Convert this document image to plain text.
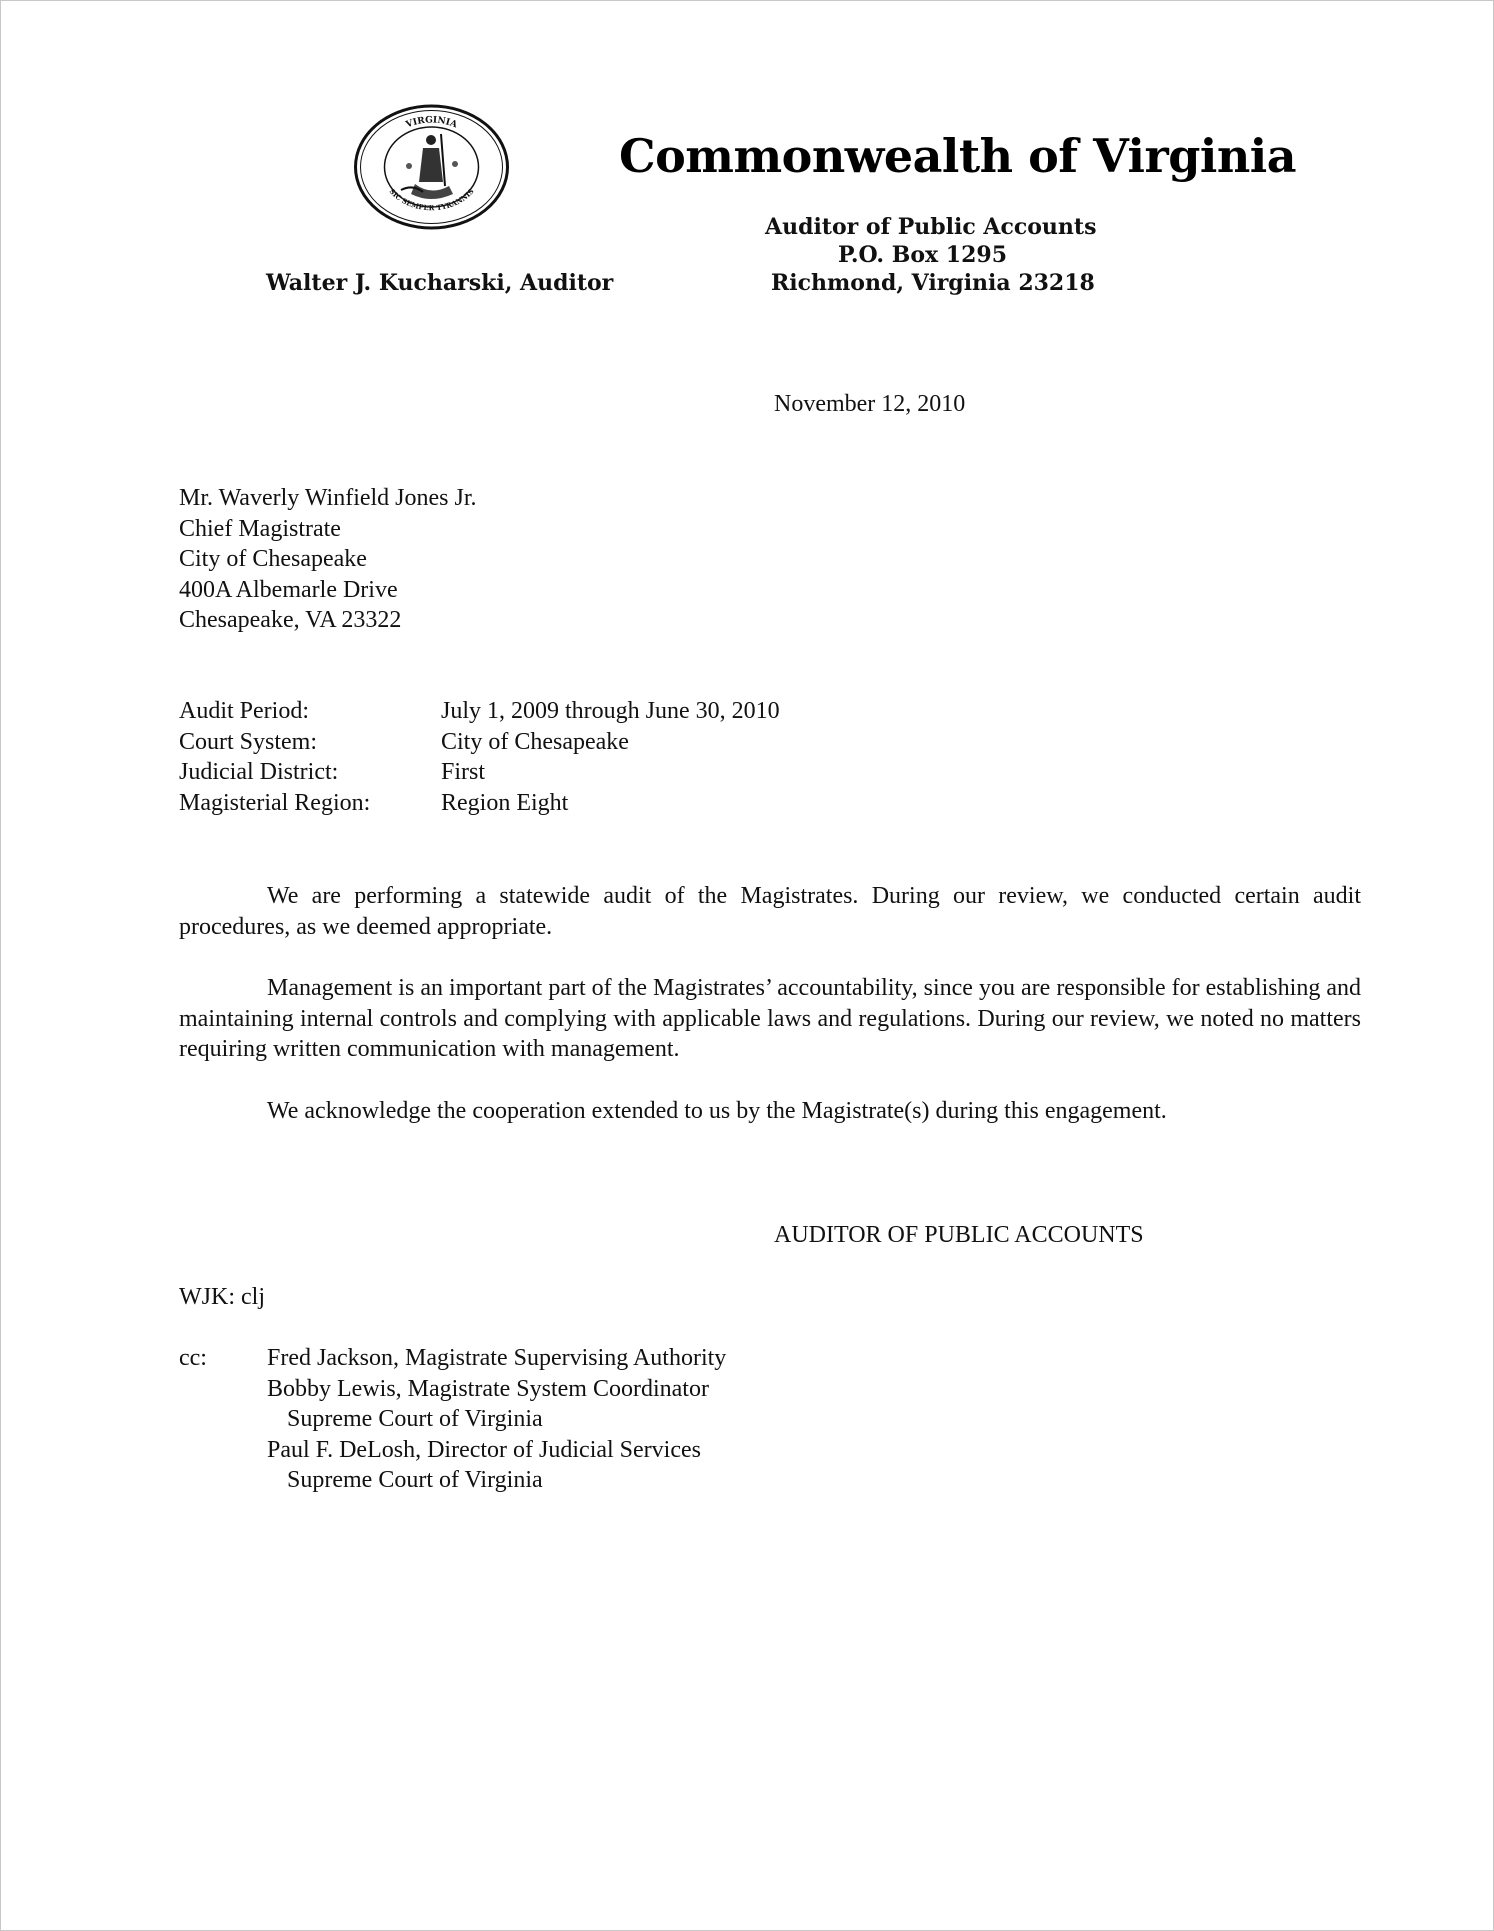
VIRGINIA
SIC SEMPER TYRANNIS

Commonwealth of Virginia

Auditor of Public Accounts

P.O. Box 1295

Richmond, Virginia 23218

Walter J. Kucharski, Auditor

November 12, 2010

Mr. Waverly Winfield Jones Jr.
Chief Magistrate
City of Chesapeake
400A Albemarle Drive
Chesapeake, VA 23322
Audit Period:	July 1, 2009 through June 30, 2010
Court System:	City of Chesapeake
Judicial District:	First
Magisterial Region:	Region Eight

We are performing a statewide audit of the Magistrates. During our review, we conducted certain audit procedures, as we deemed appropriate.

Management is an important part of the Magistrates’ accountability, since you are responsible for establishing and maintaining internal controls and complying with applicable laws and regulations. During our review, we noted no matters requiring written communication with management.

We acknowledge the cooperation extended to us by the Magistrate(s) during this engagement.

AUDITOR OF PUBLIC ACCOUNTS

WJK: clj

cc:	Fred Jackson, Magistrate Supervising Authority
Bobby Lewis, Magistrate System Coordinator
Supreme Court of Virginia
Paul F. DeLosh, Director of Judicial Services
Supreme Court of Virginia
